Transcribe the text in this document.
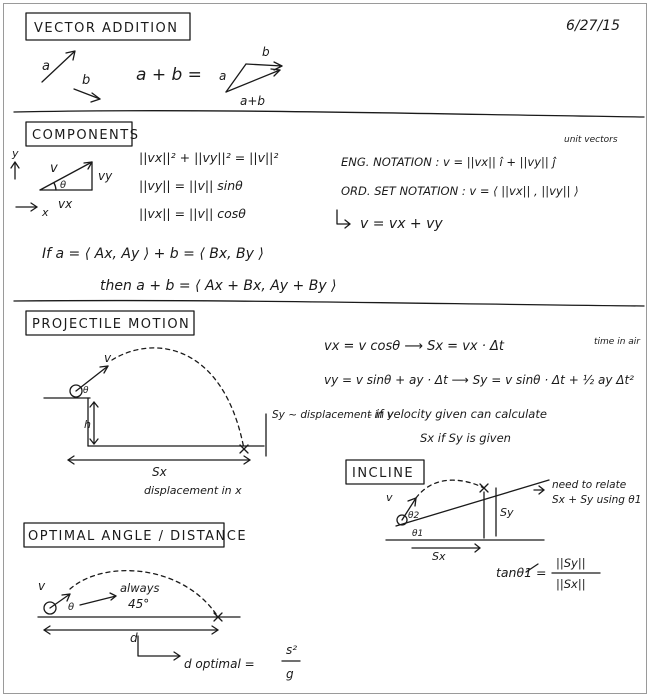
6/27/15
VECTOR ADDITION
a
b	a + b = a
b
a+b
COMPONENTS
y
x
v	vy
vx
θ
||vx||² + ||vy||² = ||v||²
||vy|| = ||v|| sinθ
||vx|| = ||v|| cosθ
unit vectors
ENG. NOTATION : v = ||vx|| î + ||vy|| ĵ
ORD. SET NOTATION : v = ⟨ ||vx|| , ||vy|| ⟩
v = vx + vy
If a = ⟨ Ax, Ay ⟩ + b = ⟨ Bx, By ⟩
then a + b = ⟨ Ax + Bx, Ay + By ⟩
PROJECTILE MOTION
v
θ
h
Sy ~ displacement in y
Sx
displacement in x
vx = v cosθ ⟶ Sx = vx · Δt	time in air
vy = v sinθ + ay · Δt ⟶ Sy = v sinθ · Δt + ½ ay Δt²
- if velocity given can calculate
Sx if Sy is given
INCLINE
v
θ2
θ1
Sy
Sx
need to relate Sx + Sy using θ1
tanθ1 =
||Sy||
||Sx||
OPTIMAL ANGLE / DISTANCE
v
θ
always
45°
d
d optimal =
s²
g
